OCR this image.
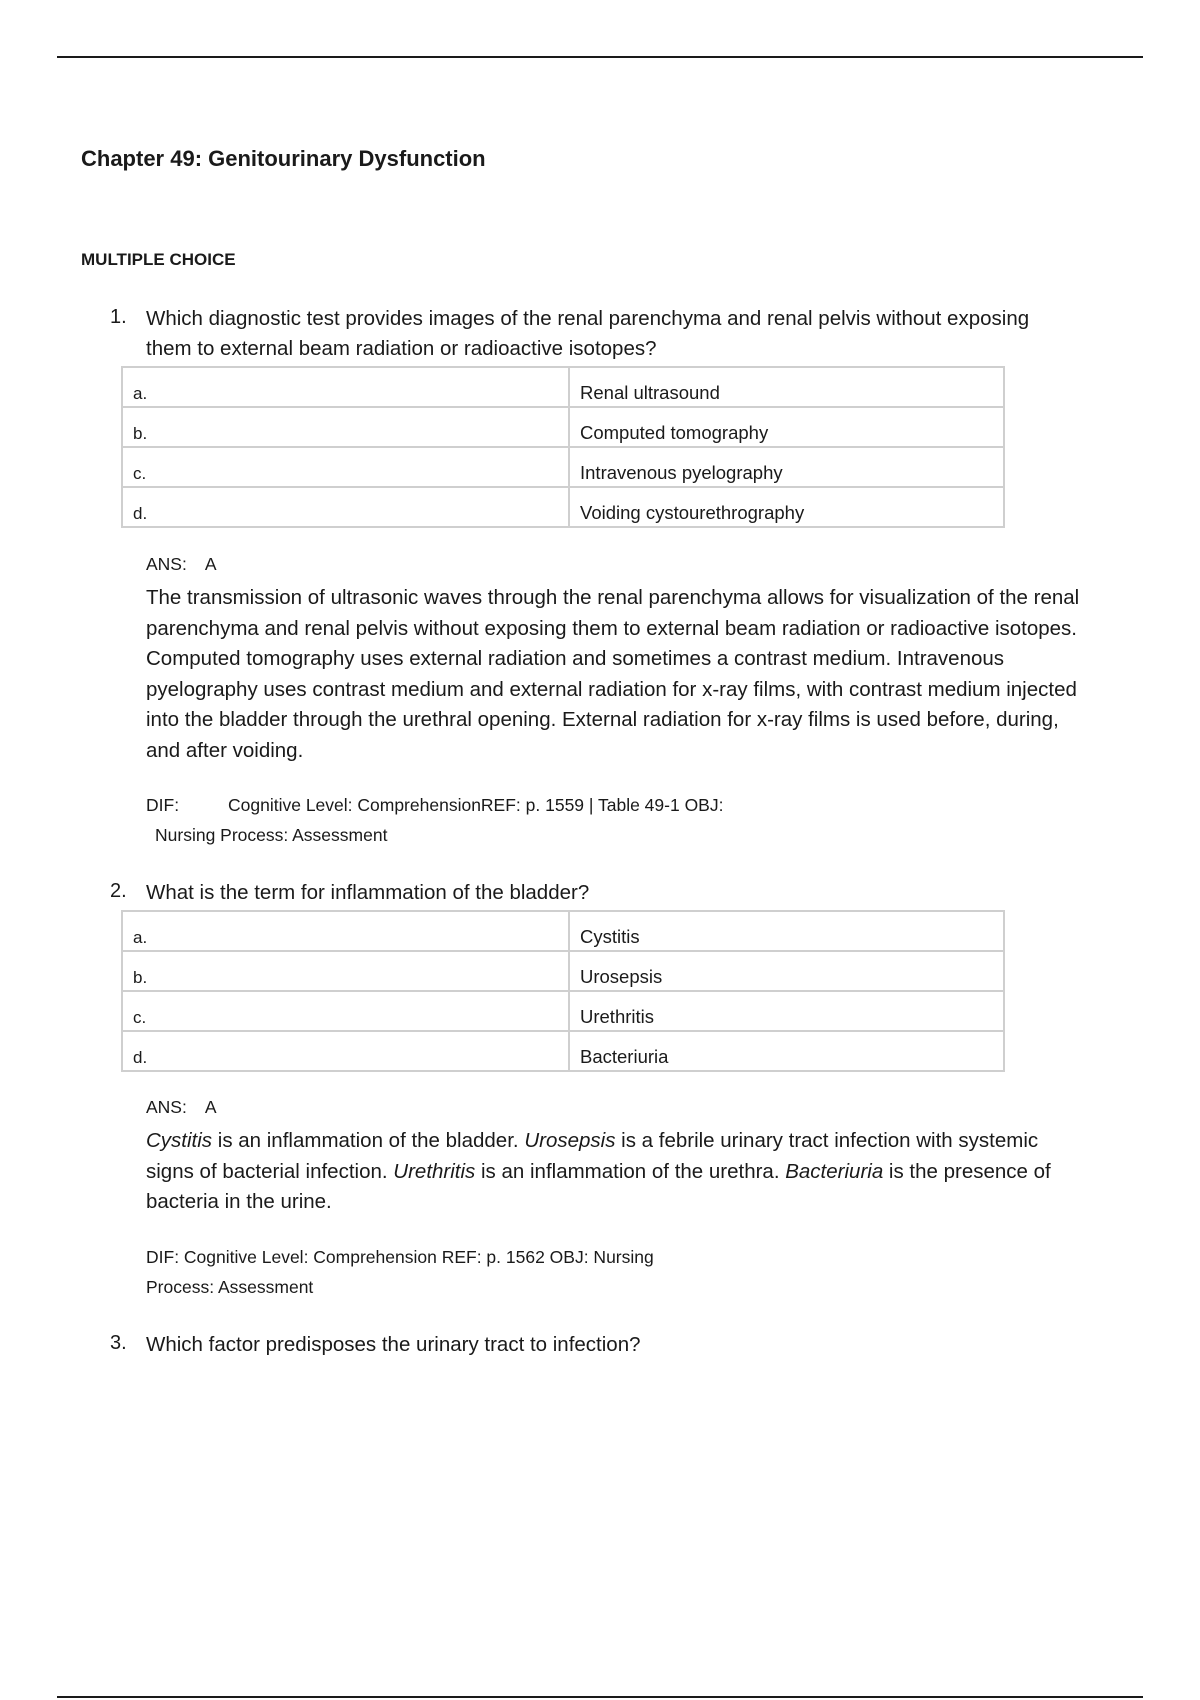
Chapter 49: Genitourinary Dysfunction
MULTIPLE CHOICE
1. Which diagnostic test provides images of the renal parenchyma and renal pelvis without exposing them to external beam radiation or radioactive isotopes?
a.	Renal ultrasound
b.	Computed tomography
c.	Intravenous pyelography
d.	Voiding cystourethrography
ANS: A
The transmission of ultrasonic waves through the renal parenchyma allows for visualization of the renal parenchyma and renal pelvis without exposing them to external beam radiation or radioactive isotopes. Computed tomography uses external radiation and sometimes a contrast medium. Intravenous pyelography uses contrast medium and external radiation for x-ray films, with contrast medium injected into the bladder through the urethral opening. External radiation for x-ray films is used before, during, and after voiding.
DIF:	Cognitive Level: ComprehensionREF: p. 1559 | Table 49-1 OBJ:
Nursing Process: Assessment
2. What is the term for inflammation of the bladder?
a.	Cystitis
b.	Urosepsis
c.	Urethritis
d.	Bacteriuria
ANS: A
Cystitis is an inflammation of the bladder. Urosepsis is a febrile urinary tract infection with systemic signs of bacterial infection. Urethritis is an inflammation of the urethra. Bacteriuria is the presence of bacteria in the urine.
DIF: Cognitive Level: Comprehension REF: p. 1562 OBJ: Nursing
Process: Assessment
3. Which factor predisposes the urinary tract to infection?
